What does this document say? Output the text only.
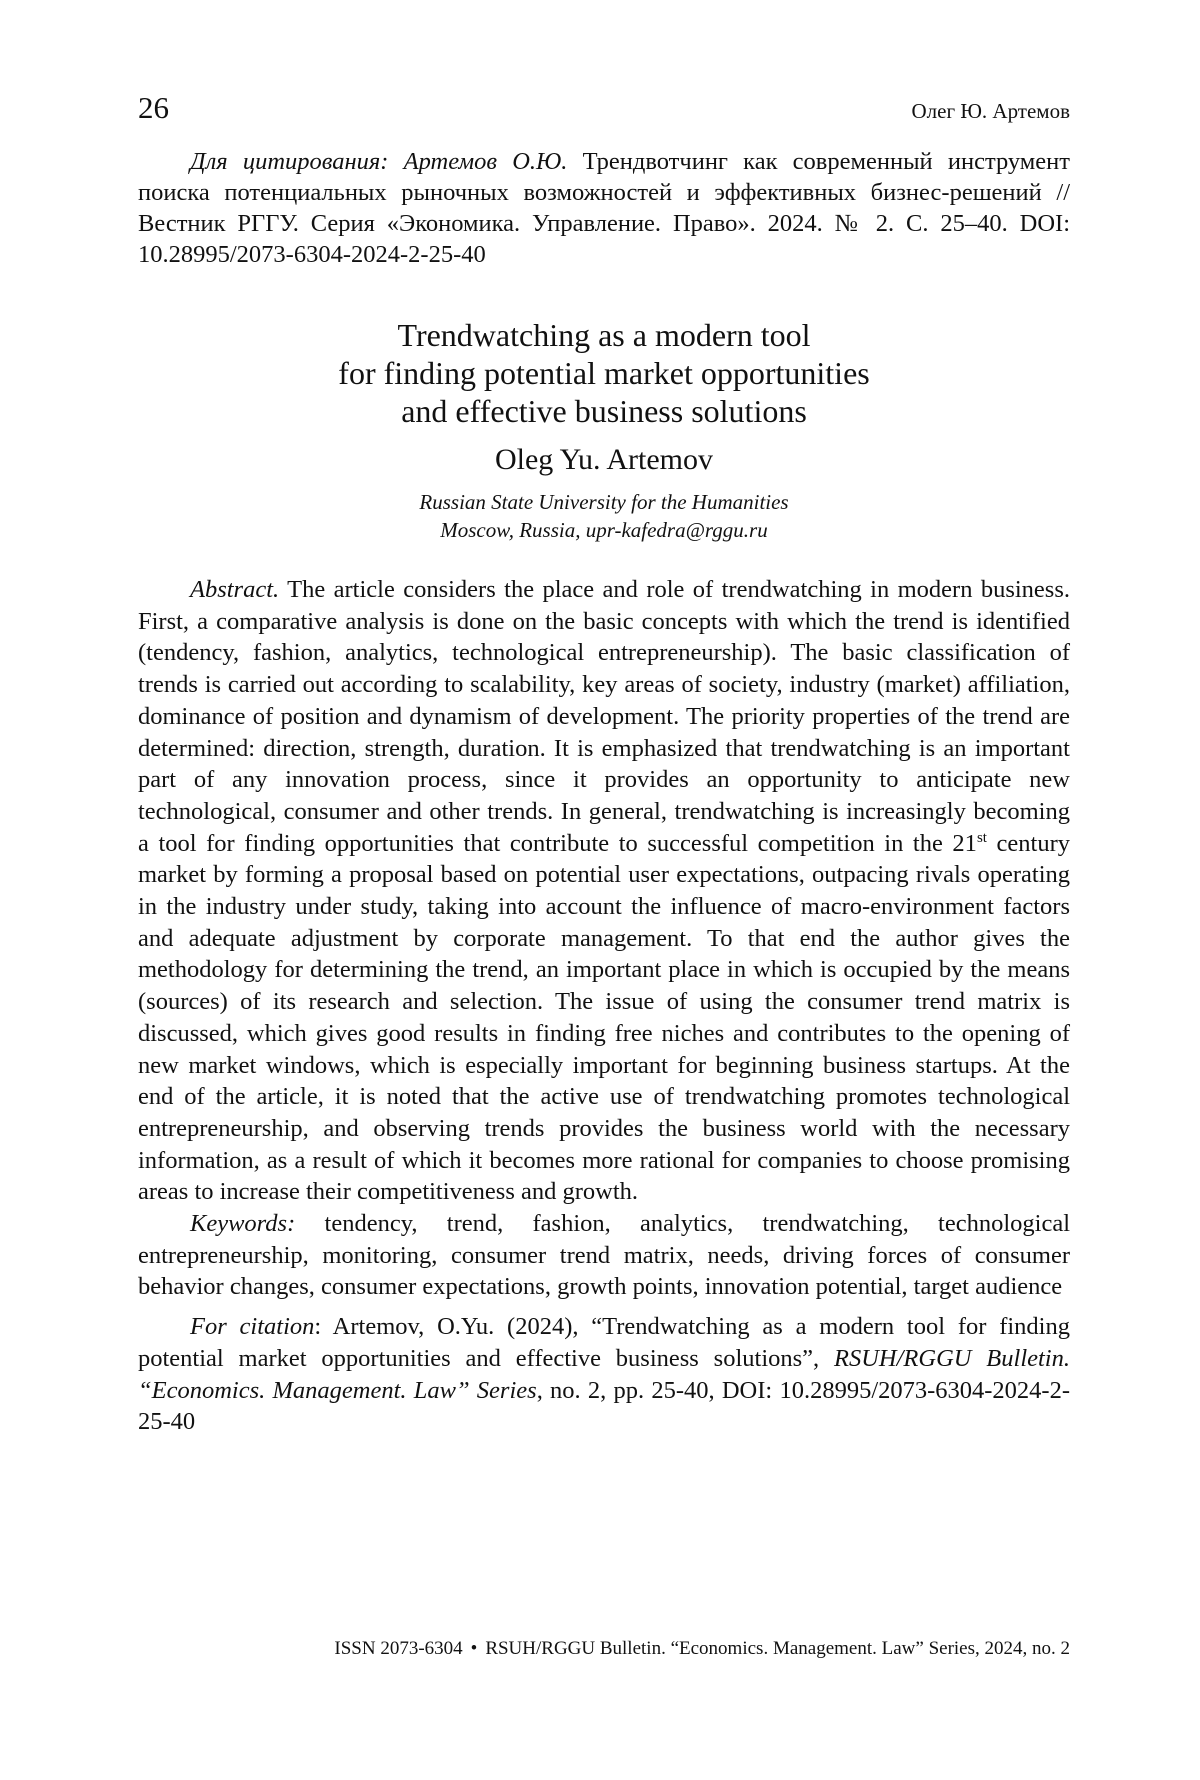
26	Олег Ю. Артемов

Для цитирования: Артемов О.Ю. Трендвотчинг как современный инструмент поиска потенциальных рыночных возможностей и эффективных бизнес-решений // Вестник РГГУ. Серия «Экономика. Управление. Право». 2024. № 2. С. 25–40. DOI: 10.28995/2073-6304-2024-2-25-40

Trendwatching as a modern tool
for finding potential market opportunities
and effective business solutions
Oleg Yu. Artemov
Russian State University for the Humanities
Moscow, Russia, upr-kafedra@rggu.ru

Abstract. The article considers the place and role of trendwatching in modern business. First, a comparative analysis is done on the basic concepts with which the trend is identified (tendency, fashion, analytics, technological entrepreneurship). The basic classification of trends is carried out according to scalability, key areas of society, industry (market) affiliation, dominance of position and dynamism of development. The priority properties of the trend are determined: direction, strength, duration. It is emphasized that trendwatching is an important part of any innovation process, since it provides an opportunity to anticipate new technological, consumer and other trends. In general, trendwatching is increasingly becoming a tool for finding opportunities that contribute to successful competition in the 21st century market by forming a proposal based on potential user expectations, outpacing rivals operating in the industry under study, taking into account the influence of macro-environment factors and adequate adjustment by corporate management. To that end the author gives the methodology for determining the trend, an important place in which is occupied by the means (sources) of its research and selection. The issue of using the consumer trend matrix is discussed, which gives good results in finding free niches and contributes to the opening of new market windows, which is especially important for beginning business startups. At the end of the article, it is noted that the active use of trendwatching promotes technological entrepreneurship, and observing trends provides the business world with the necessary information, as a result of which it becomes more rational for companies to choose promising areas to increase their competitiveness and growth.

Keywords: tendency, trend, fashion, analytics, trendwatching, technological entrepreneurship, monitoring, consumer trend matrix, needs, driving forces of consumer behavior changes, consumer expectations, growth points, innovation potential, target audience

For citation: Artemov, O.Yu. (2024), “Trendwatching as a modern tool for finding potential market opportunities and effective business solutions”, RSUH/RGGU Bulletin. “Economics. Management. Law” Series, no. 2, pp. 25-40, DOI: 10.28995/2073-6304-2024-2-25-40

ISSN 2073-6304 • RSUH/RGGU Bulletin. “Economics. Management. Law” Series, 2024, no. 2
